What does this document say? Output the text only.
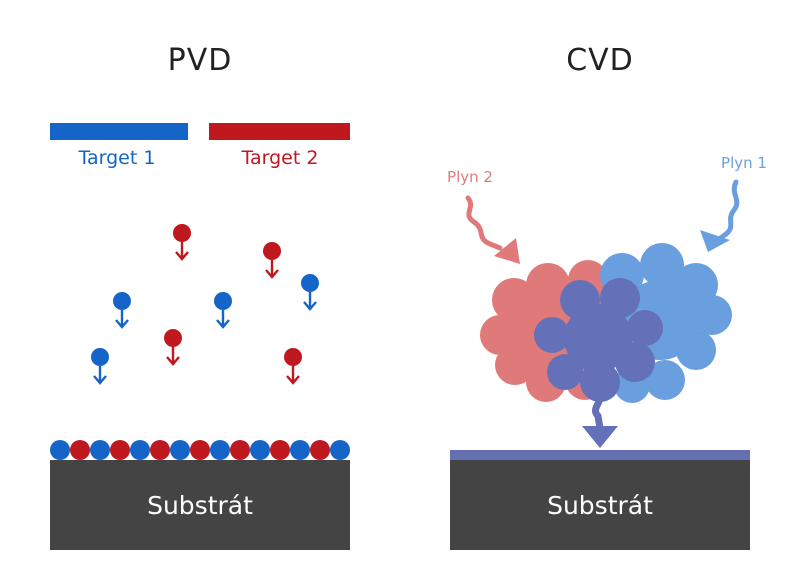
PVD
Target 1	Target 2
Substrát
CVD
Plyn 1
Plyn 2
Substrát
